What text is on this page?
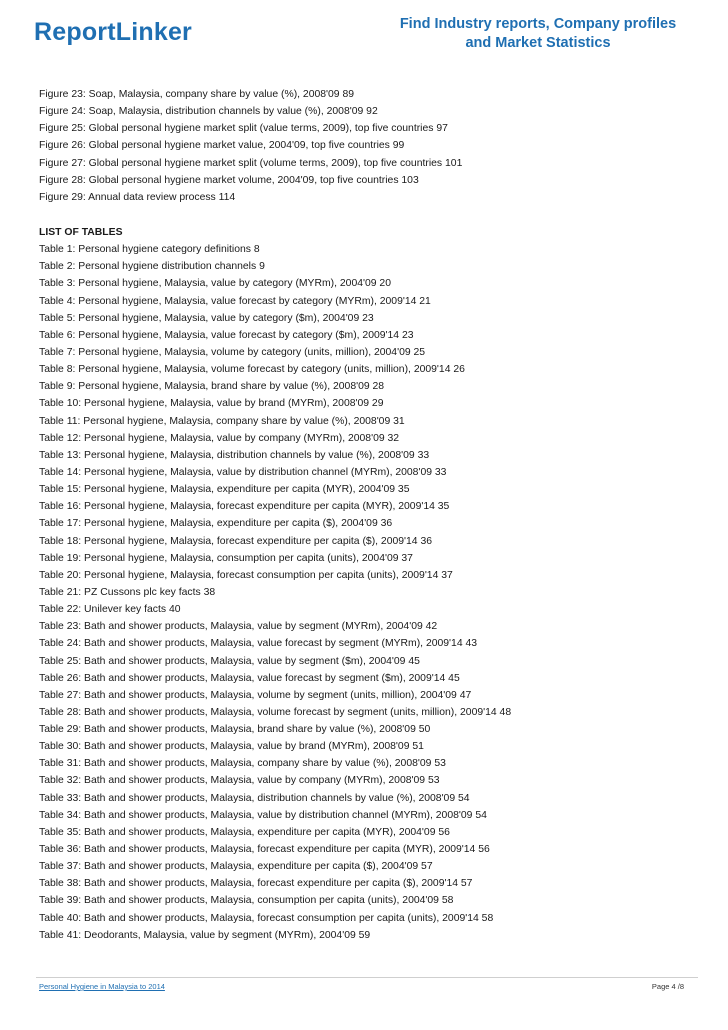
ReportLinker	Find Industry reports, Company profiles
and Market Statistics
Figure 23: Soap, Malaysia, company share by value (%), 2008'09 89
Figure 24: Soap, Malaysia, distribution channels by value (%), 2008'09 92
Figure 25: Global personal hygiene market split (value terms, 2009), top five countries 97
Figure 26: Global personal hygiene market value, 2004'09, top five countries 99
Figure 27: Global personal hygiene market split (volume terms, 2009), top five countries 101
Figure 28: Global personal hygiene market volume, 2004'09, top five countries 103
Figure 29: Annual data review process 114
LIST OF TABLES
Table 1: Personal hygiene category definitions 8
Table 2: Personal hygiene distribution channels 9
Table 3: Personal hygiene, Malaysia, value by category (MYRm), 2004'09 20
Table 4: Personal hygiene, Malaysia, value forecast by category (MYRm), 2009'14 21
Table 5: Personal hygiene, Malaysia, value by category ($m), 2004'09 23
Table 6: Personal hygiene, Malaysia, value forecast by category ($m), 2009'14 23
Table 7: Personal hygiene, Malaysia, volume by category (units, million), 2004'09 25
Table 8: Personal hygiene, Malaysia, volume forecast by category (units, million), 2009'14 26
Table 9: Personal hygiene, Malaysia, brand share by value (%), 2008'09 28
Table 10: Personal hygiene, Malaysia, value by brand (MYRm), 2008'09 29
Table 11: Personal hygiene, Malaysia, company share by value (%), 2008'09 31
Table 12: Personal hygiene, Malaysia, value by company (MYRm), 2008'09 32
Table 13: Personal hygiene, Malaysia, distribution channels by value (%), 2008'09 33
Table 14: Personal hygiene, Malaysia, value by distribution channel (MYRm), 2008'09 33
Table 15: Personal hygiene, Malaysia, expenditure per capita (MYR), 2004'09 35
Table 16: Personal hygiene, Malaysia, forecast expenditure per capita (MYR), 2009'14 35
Table 17: Personal hygiene, Malaysia, expenditure per capita ($), 2004'09 36
Table 18: Personal hygiene, Malaysia, forecast expenditure per capita ($), 2009'14 36
Table 19: Personal hygiene, Malaysia, consumption per capita (units), 2004'09 37
Table 20: Personal hygiene, Malaysia, forecast consumption per capita (units), 2009'14 37
Table 21: PZ Cussons plc key facts 38
Table 22: Unilever key facts 40
Table 23: Bath and shower products, Malaysia, value by segment (MYRm), 2004'09 42
Table 24: Bath and shower products, Malaysia, value forecast by segment (MYRm), 2009'14 43
Table 25: Bath and shower products, Malaysia, value by segment ($m), 2004'09 45
Table 26: Bath and shower products, Malaysia, value forecast by segment ($m), 2009'14 45
Table 27: Bath and shower products, Malaysia, volume by segment (units, million), 2004'09 47
Table 28: Bath and shower products, Malaysia, volume forecast by segment (units, million), 2009'14 48
Table 29: Bath and shower products, Malaysia, brand share by value (%), 2008'09 50
Table 30: Bath and shower products, Malaysia, value by brand (MYRm), 2008'09 51
Table 31: Bath and shower products, Malaysia, company share by value (%), 2008'09 53
Table 32: Bath and shower products, Malaysia, value by company (MYRm), 2008'09 53
Table 33: Bath and shower products, Malaysia, distribution channels by value (%), 2008'09 54
Table 34: Bath and shower products, Malaysia, value by distribution channel (MYRm), 2008'09 54
Table 35: Bath and shower products, Malaysia, expenditure per capita (MYR), 2004'09 56
Table 36: Bath and shower products, Malaysia, forecast expenditure per capita (MYR), 2009'14 56
Table 37: Bath and shower products, Malaysia, expenditure per capita ($), 2004'09 57
Table 38: Bath and shower products, Malaysia, forecast expenditure per capita ($), 2009'14 57
Table 39: Bath and shower products, Malaysia, consumption per capita (units), 2004'09 58
Table 40: Bath and shower products, Malaysia, forecast consumption per capita (units), 2009'14 58
Table 41: Deodorants, Malaysia, value by segment (MYRm), 2004'09 59
Personal Hygiene in Malaysia to 2014	Page 4 /8
